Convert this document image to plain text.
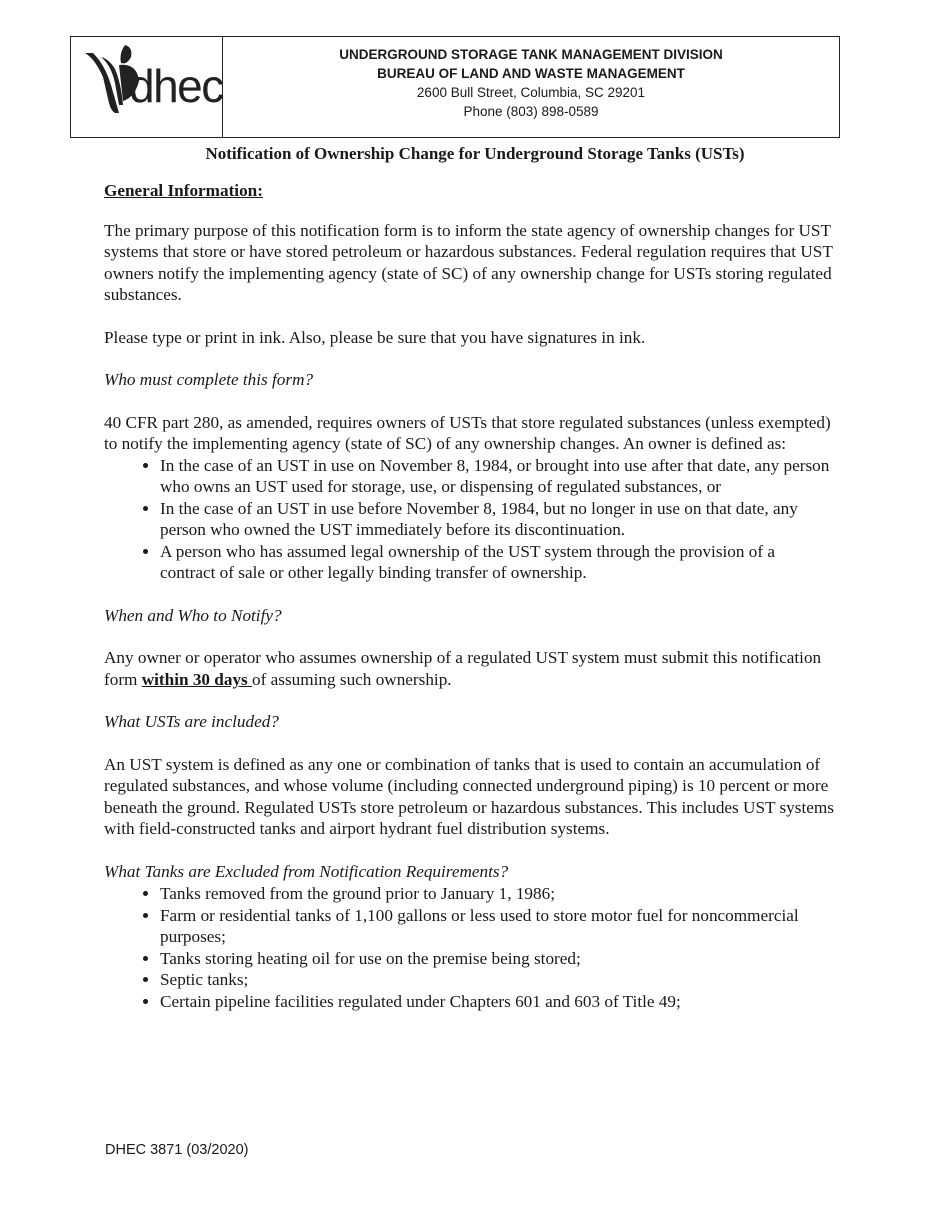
dhec
UNDERGROUND STORAGE TANK MANAGEMENT DIVISION
BUREAU OF LAND AND WASTE MANAGEMENT
2600 Bull Street, Columbia, SC 29201
Phone (803) 898-0589
Notification of Ownership Change for Underground Storage Tanks (USTs)
General Information:

The primary purpose of this notification form is to inform the state agency of ownership changes for UST systems that store or have stored petroleum or hazardous substances. Federal regulation requires that UST owners notify the implementing agency (state of SC) of any ownership change for USTs storing regulated substances.

Please type or print in ink. Also, please be sure that you have signatures in ink.

Who must complete this form?

40 CFR part 280, as amended, requires owners of USTs that store regulated substances (unless exempted) to notify the implementing agency (state of SC) of any ownership changes. An owner is defined as:

• In the case of an UST in use on November 8, 1984, or brought into use after that date, any person who owns an UST used for storage, use, or dispensing of regulated substances, or
• In the case of an UST in use before November 8, 1984, but no longer in use on that date, any person who owned the UST immediately before its discontinuation.
• A person who has assumed legal ownership of the UST system through the provision of a contract of sale or other legally binding transfer of ownership.
When and Who to Notify?

Any owner or operator who assumes ownership of a regulated UST system must submit this notification form within 30 days of assuming such ownership.

What USTs are included?

An UST system is defined as any one or combination of tanks that is used to contain an accumulation of regulated substances, and whose volume (including connected underground piping) is 10 percent or more beneath the ground. Regulated USTs store petroleum or hazardous substances. This includes UST systems with field-constructed tanks and airport hydrant fuel distribution systems.

What Tanks are Excluded from Notification Requirements?
• Tanks removed from the ground prior to January 1, 1986;
• Farm or residential tanks of 1,100 gallons or less used to store motor fuel for noncommercial purposes;
• Tanks storing heating oil for use on the premise being stored;
• Septic tanks;
• Certain pipeline facilities regulated under Chapters 601 and 603 of Title 49;
DHEC 3871 (03/2020)
